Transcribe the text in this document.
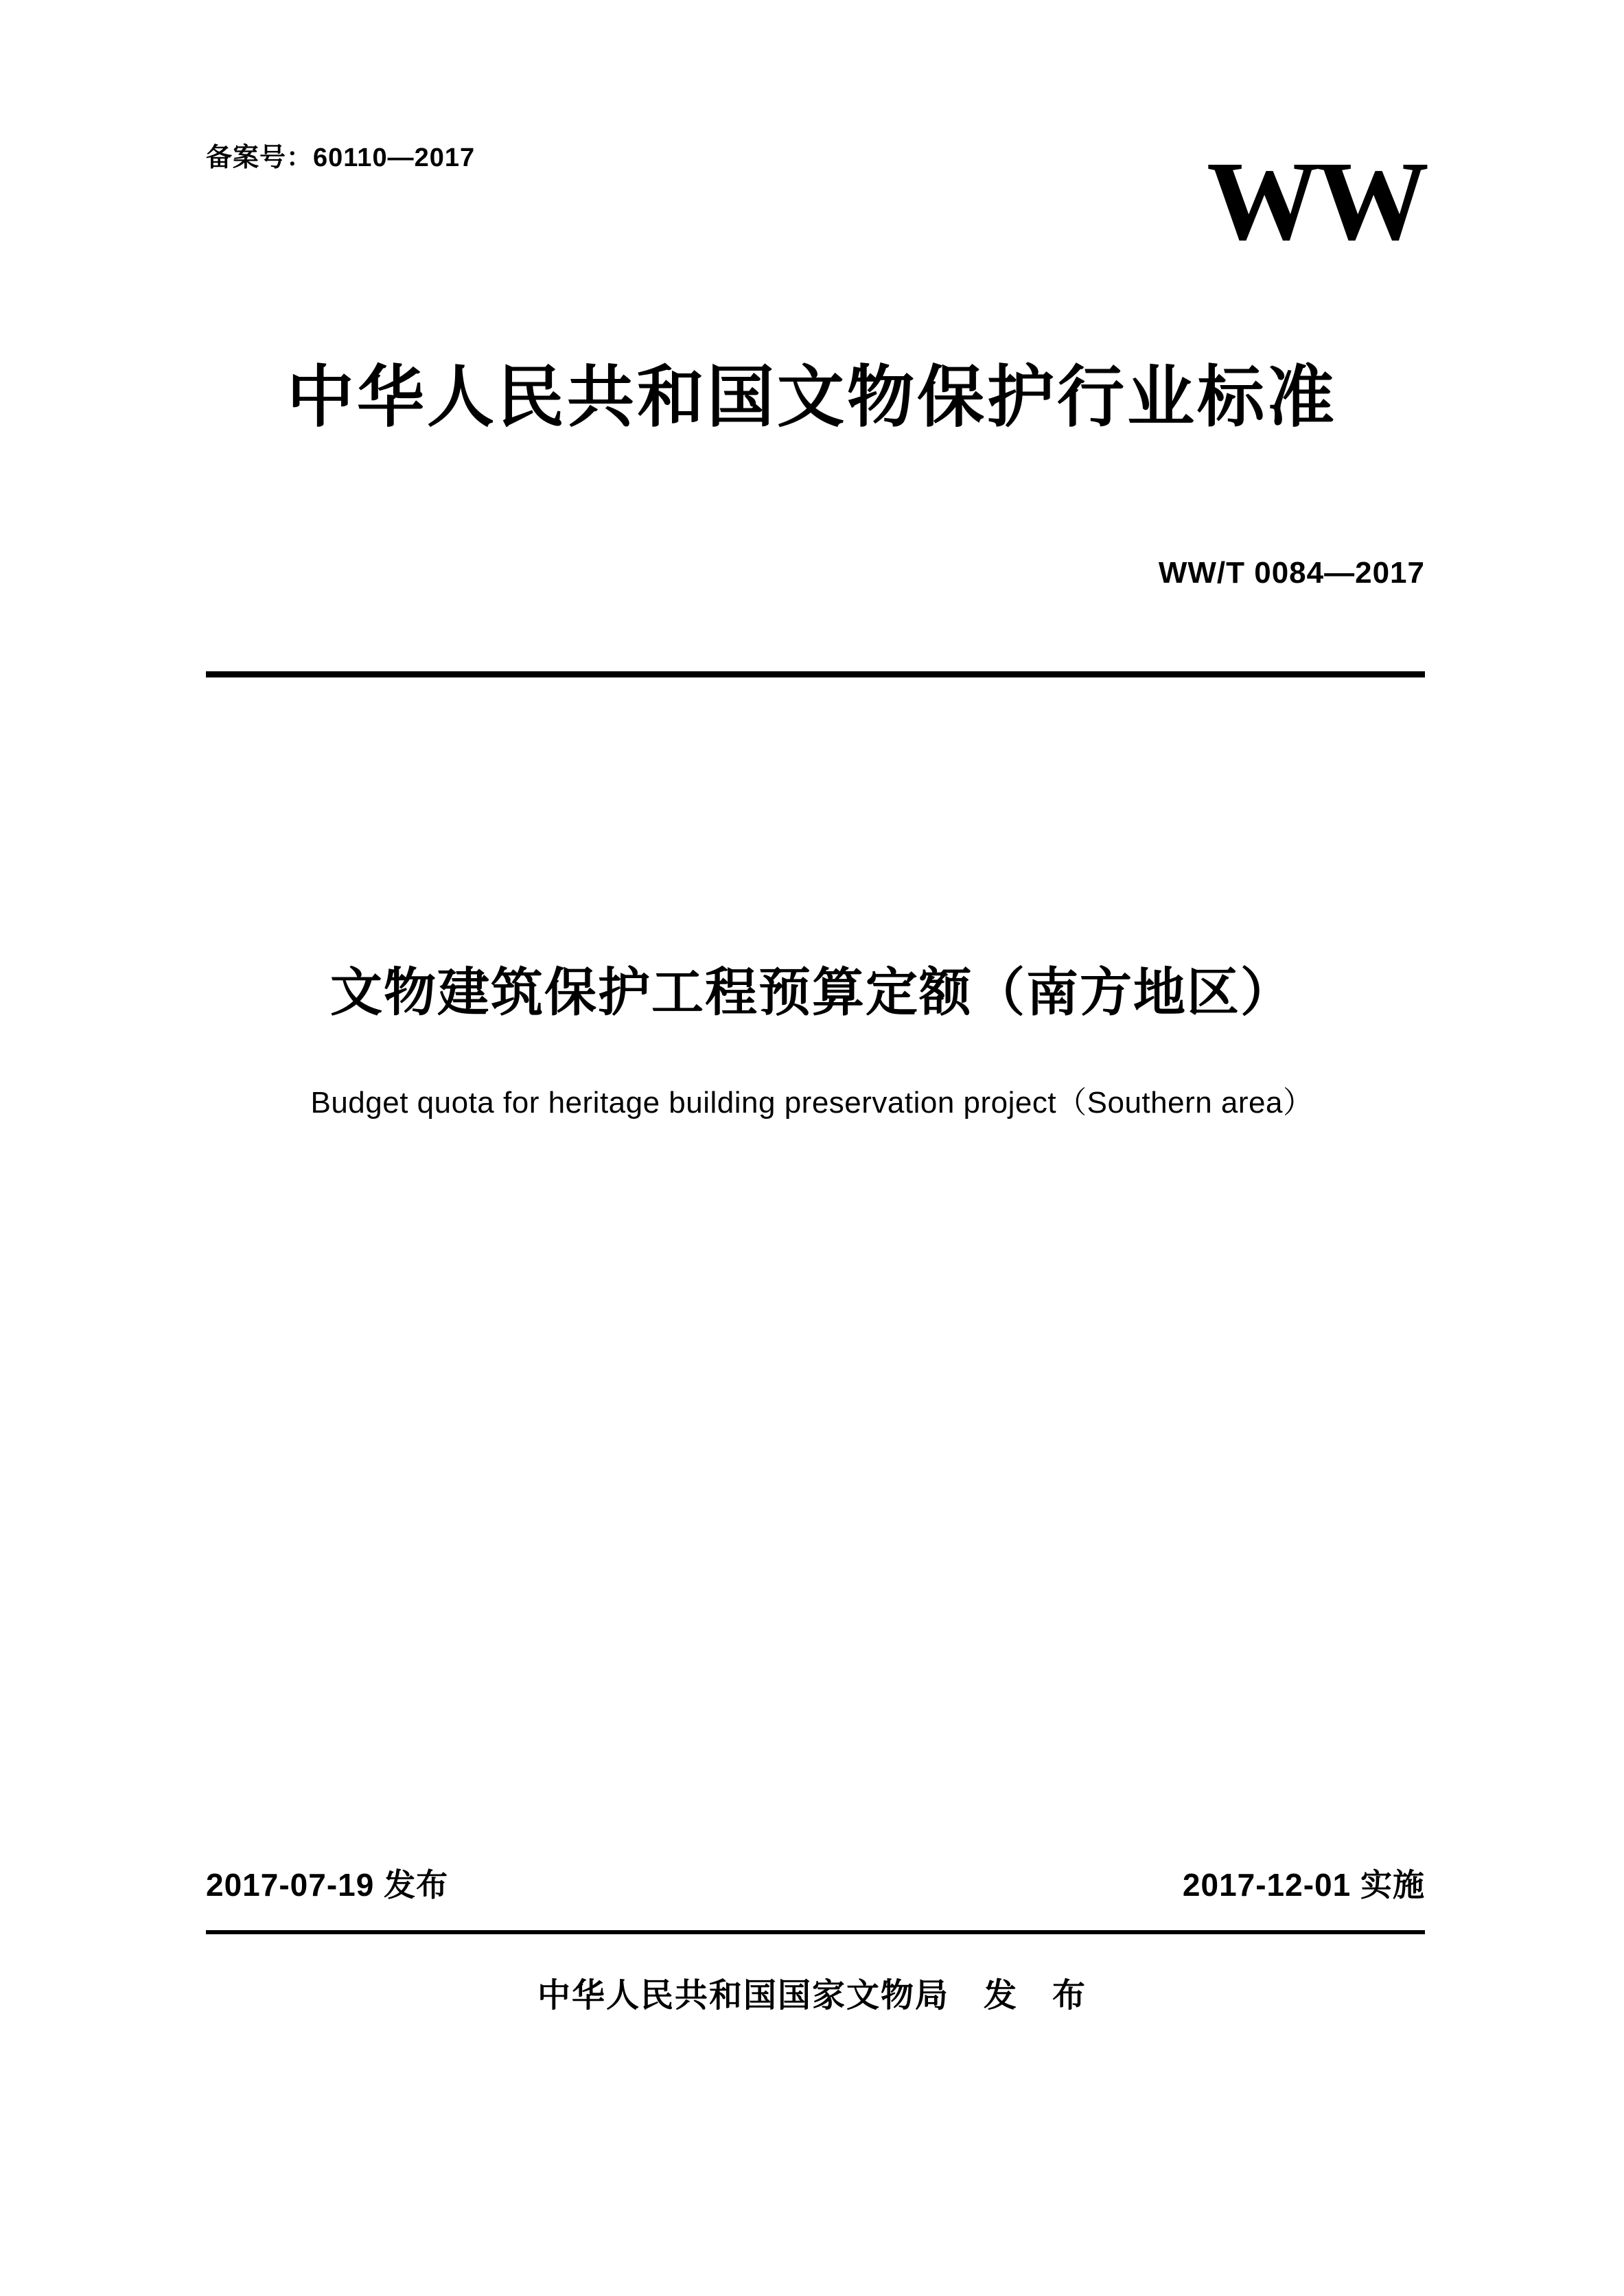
备案号：60110—2017	WW
中华人民共和国文物保护行业标准
WW/T 0084—2017
文物建筑保护工程预算定额（南方地区）
Budget quota for heritage building preservation project（Southern area）
2017-07-19 发布	2017-12-01 实施
中华人民共和国国家文物局　发　布
